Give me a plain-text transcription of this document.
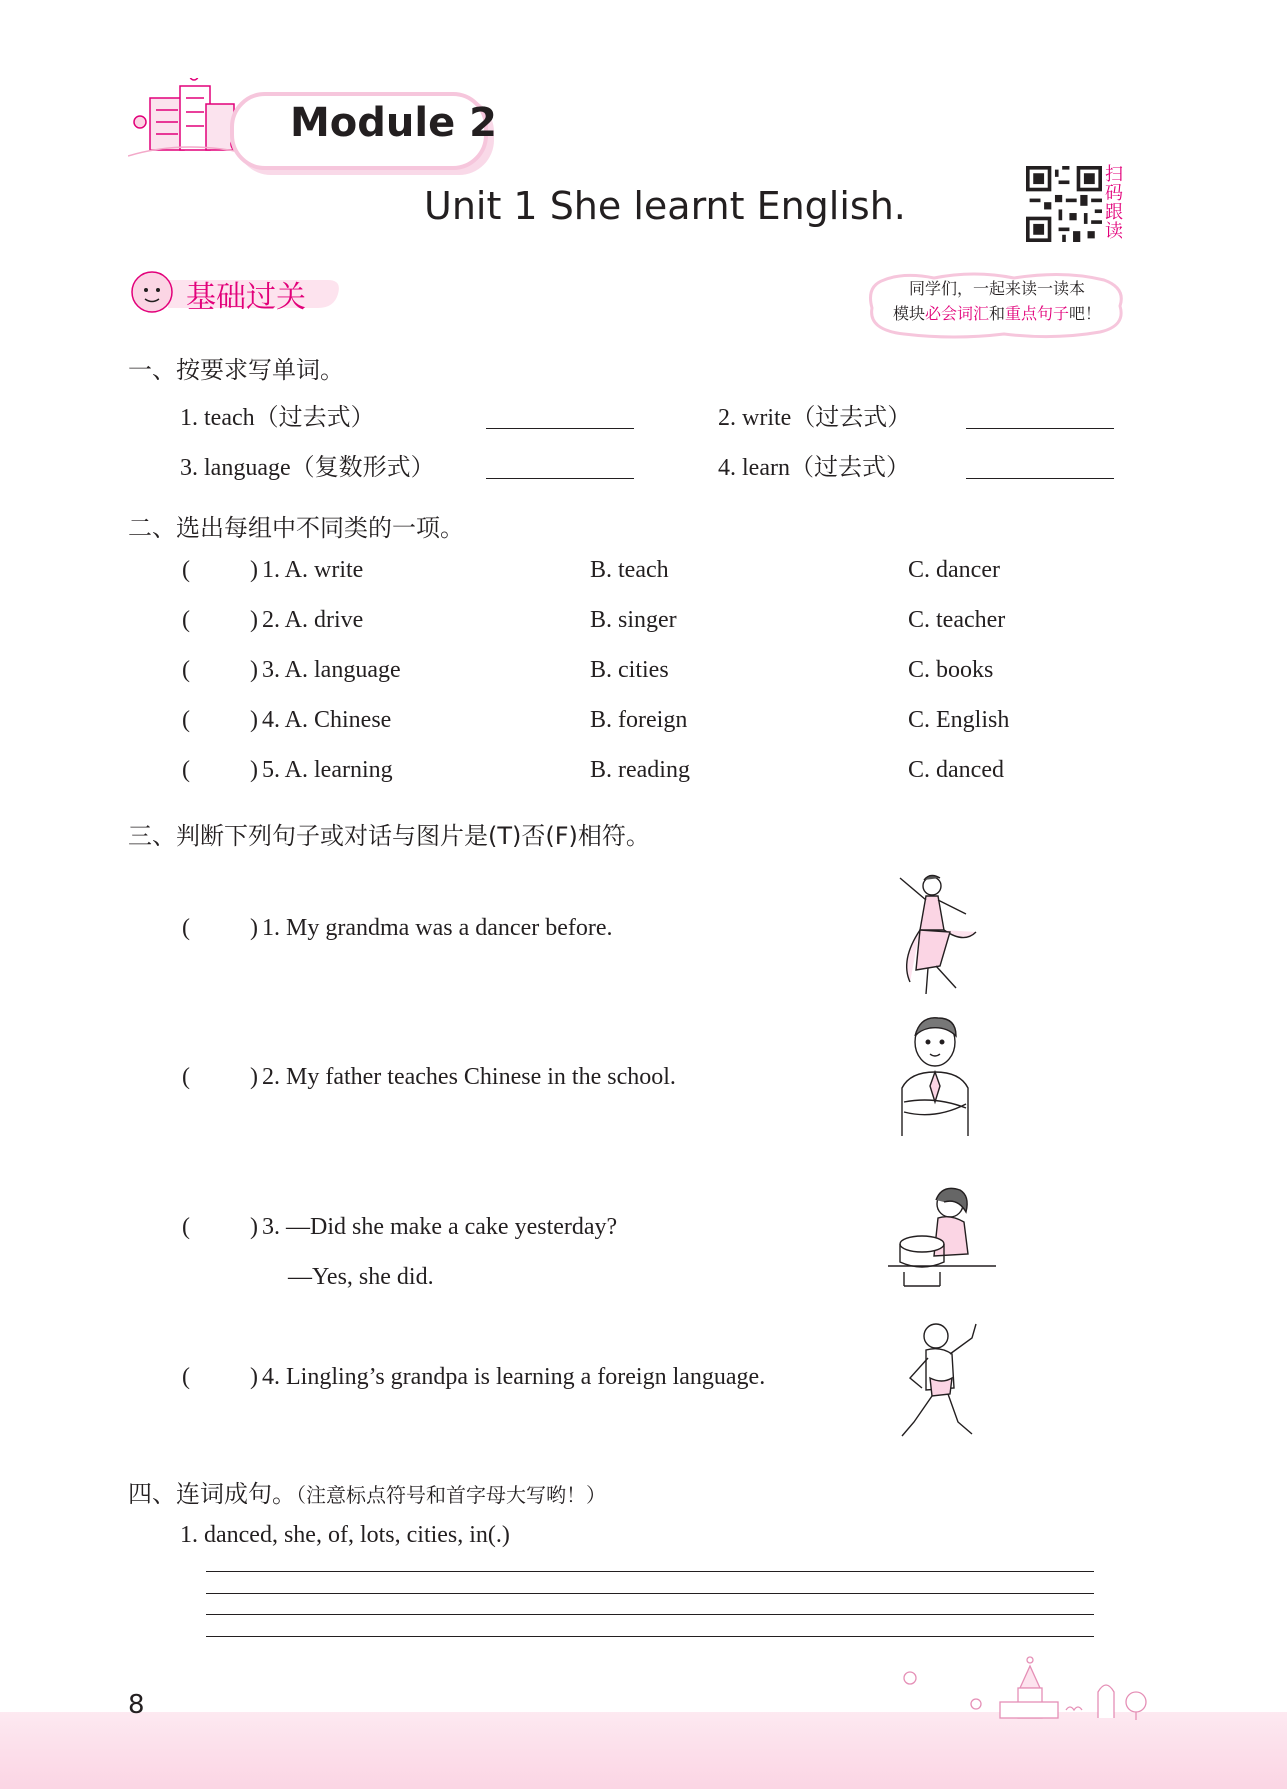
Module 2
Unit 1 She learnt English.
扫码跟读
基础过关	同学们，一起来读一读本
模块必会词汇和重点句子吧！
一、按要求写单词。
1. teach（过去式）	2. write（过去式）
3. language（复数形式）	4. learn（过去式）
二、选出每组中不同类的一项。
(	) 1. A. write	B. teach	C. dancer
(	) 2. A. drive	B. singer	C. teacher
(	) 3. A. language	B. cities	C. books
(	) 4. A. Chinese	B. foreign	C. English
(	) 5. A. learning	B. reading	C. danced
三、判断下列句子或对话与图片是(T)否(F)相符。
(	) 1. My grandma was a dancer before.
(	) 2. My father teaches Chinese in the school.
(	) 3. —Did she make a cake yesterday?
—Yes, she did.
(	) 4. Lingling’s grandpa is learning a foreign language.
四、连词成句。（注意标点符号和首字母大写哟！）
1. danced, she, of, lots, cities, in(.)
8
